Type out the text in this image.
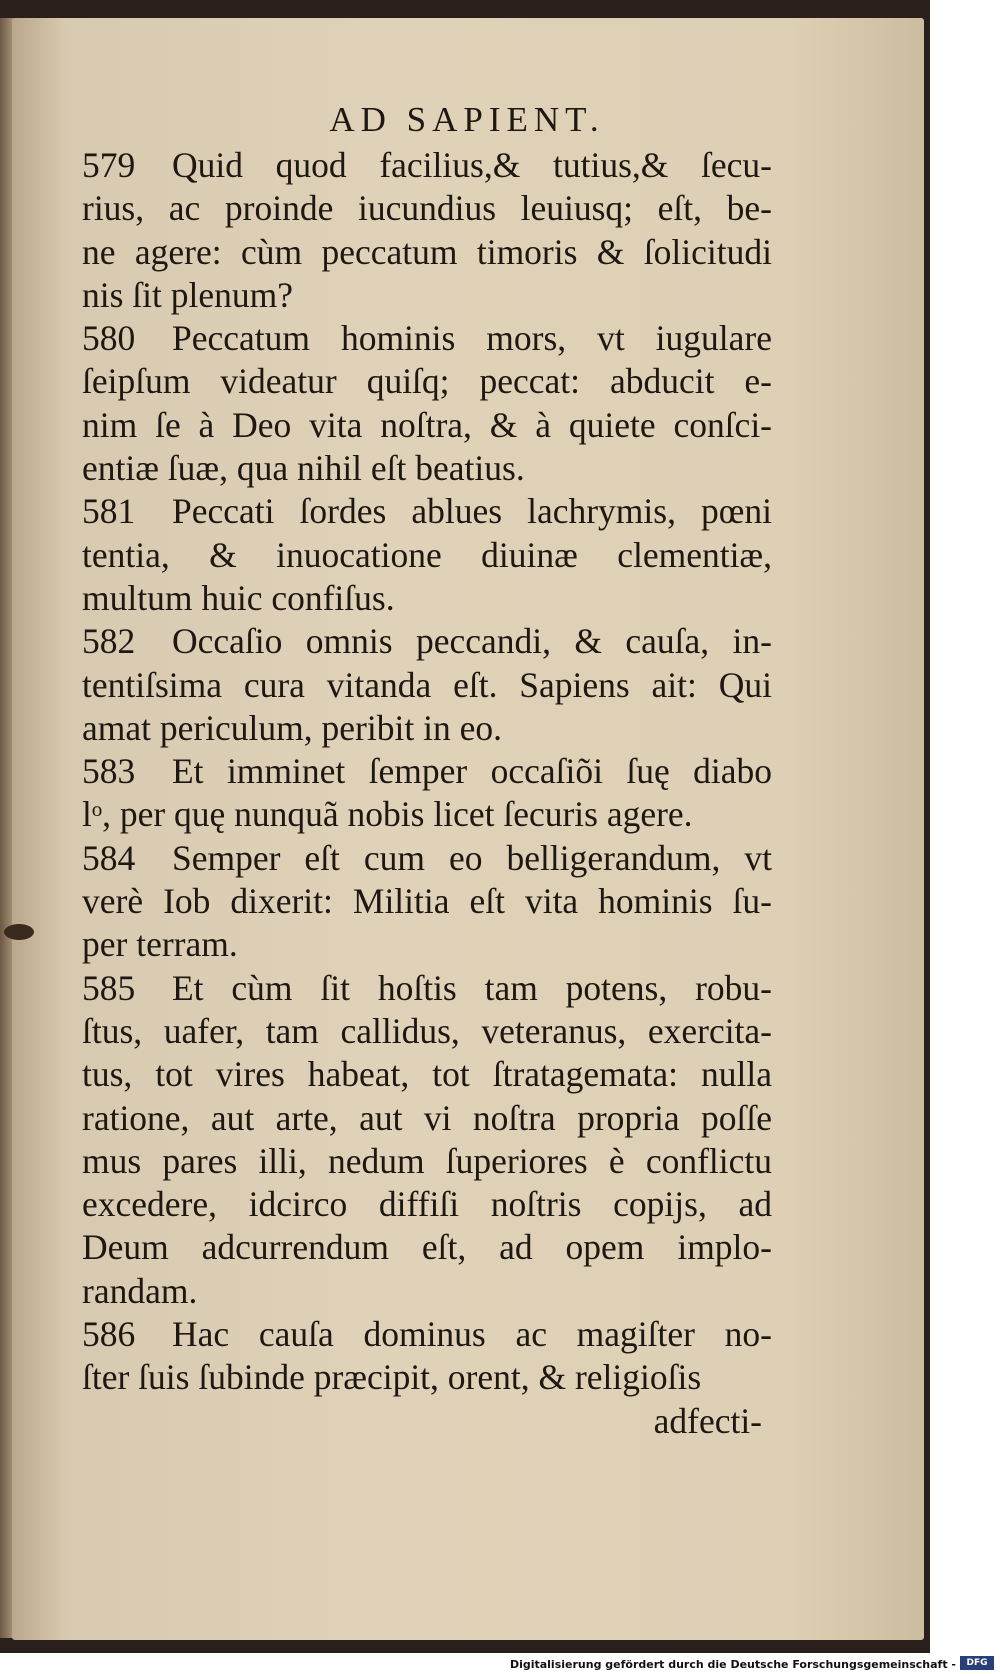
AD SAPIENT.
579 Quid quod facilius,& tutius,& ſecu-
rius, ac proinde iucundius leuiusq; eſt, be-
ne agere: cùm peccatum timoris & ſolicitudi
nis ſit plenum?
580 Peccatum hominis mors, vt iugulare
ſeipſum videatur quiſq; peccat: abducit e-
nim ſe à Deo vita noſtra, & à quiete conſci-
entiæ ſuæ, qua nihil eſt beatius.
581 Peccati ſordes ablues lachrymis, pœni
tentia, & inuocatione diuinæ clementiæ,
multum huic confiſus.
582 Occaſio omnis peccandi, & cauſa, in-
tentiſsima cura vitanda eſt. Sapiens ait: Qui
amat periculum, peribit in eo.
583 Et imminet ſemper occaſiõi ſuę diabo
lᵒ, per quę nunquã nobis licet ſecuris agere.
584 Semper eſt cum eo belligerandum, vt
verè Iob dixerit: Militia eſt vita hominis ſu-
per terram.
585 Et cùm ſit hoſtis tam potens, robu-
ſtus, uafer, tam callidus, veteranus, exercita-
tus, tot vires habeat, tot ſtratagemata: nulla
ratione, aut arte, aut vi noſtra propria poſſe
mus pares illi, nedum ſuperiores è conflictu
excedere, idcirco diffiſi noſtris copijs, ad
Deum adcurrendum eſt, ad opem implo-
randam.
586 Hac cauſa dominus ac magiſter no-
ſter ſuis ſubinde præcipit, orent, & religioſis
adfecti-
Digitalisierung gefördert durch die Deutsche Forschungsgemeinschaft -	DFG
